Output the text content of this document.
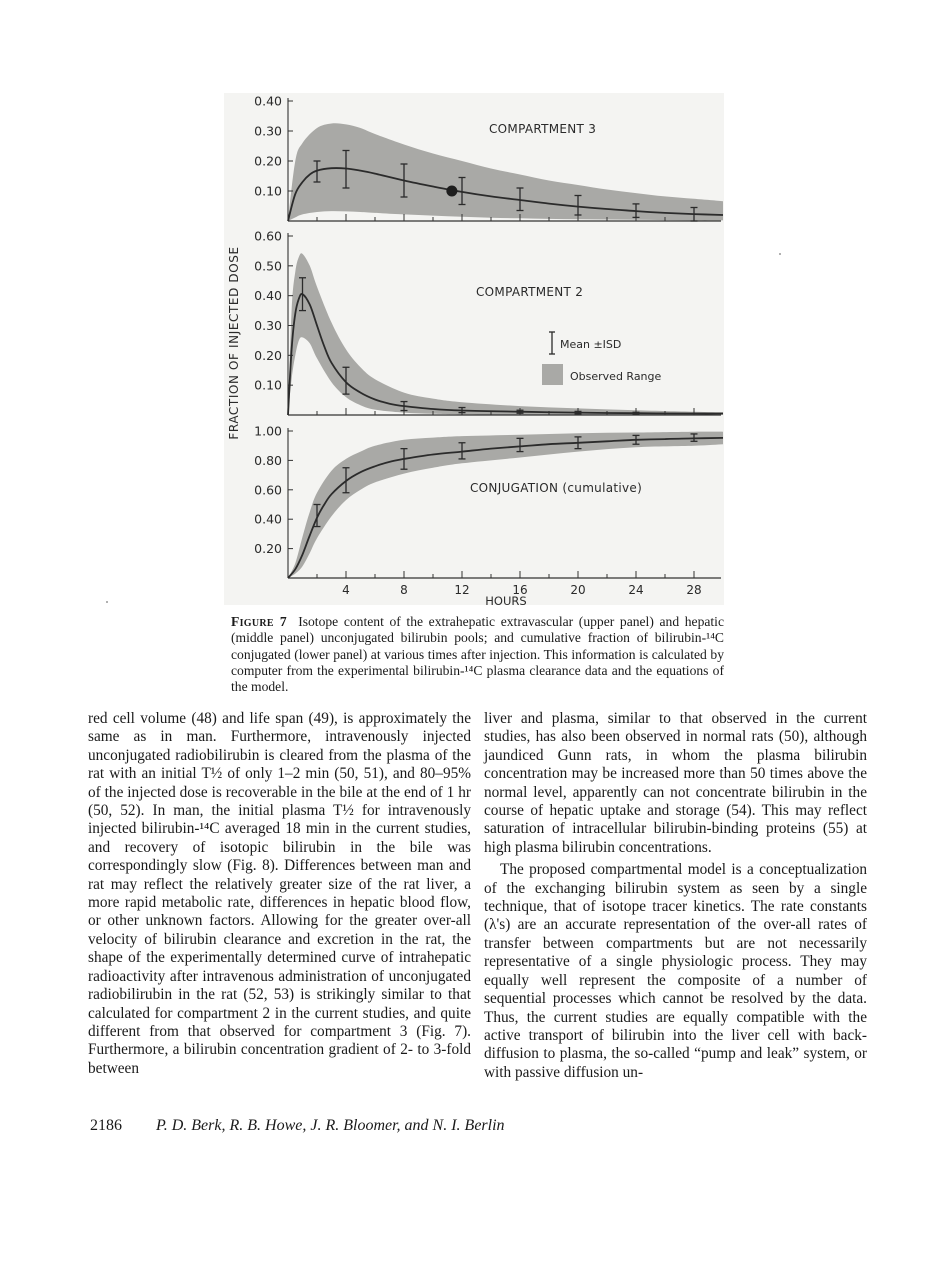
0.40
0.30
0.20
0.10
COMPARTMENT 3
0.60
0.50
0.40
0.30
0.20
0.10
COMPARTMENT 2
1.00
0.80
0.60
0.40
0.20
4	8	12	16	20	24	28
CONJUGATION (cumulative)
FRACTION OF INJECTED DOSE
HOURS
Mean ±ISD
Observed Range
Figure 7 Isotope content of the extrahepatic extravascular (upper panel) and hepatic (middle panel) unconjugated bilirubin pools; and cumulative fraction of bilirubin-¹⁴C conjugated (lower panel) at various times after injection. This information is calculated by computer from the experimental bilirubin-¹⁴C plasma clearance data and the equations of the model.

red cell volume (48) and life span (49), is approximately the same as in man. Furthermore, intravenously injected unconjugated radiobilirubin is cleared from the plasma of the rat with an initial T½ of only 1–2 min (50, 51), and 80–95% of the injected dose is recoverable in the bile at the end of 1 hr (50, 52). In man, the initial plasma T½ for intravenously injected bilirubin-¹⁴C averaged 18 min in the current studies, and recovery of isotopic bilirubin in the bile was correspondingly slow (Fig. 8). Differences between man and rat may reflect the relatively greater size of the rat liver, a more rapid metabolic rate, differences in hepatic blood flow, or other unknown factors. Allowing for the greater over-all velocity of bilirubin clearance and excretion in the rat, the shape of the experimentally determined curve of intrahepatic radioactivity after intravenous administration of unconjugated radiobilirubin in the rat (52, 53) is strikingly similar to that calculated for compartment 2 in the current studies, and quite different from that observed for compartment 3 (Fig. 7). Furthermore, a bilirubin concentration gradient of 2- to 3-fold between

liver and plasma, similar to that observed in the current studies, has also been observed in normal rats (50), although jaundiced Gunn rats, in whom the plasma bilirubin concentration may be increased more than 50 times above the normal level, apparently can not concentrate bilirubin in the course of hepatic uptake and storage (54). This may reflect saturation of intracellular bilirubin-binding proteins (55) at high plasma bilirubin concentrations.

The proposed compartmental model is a conceptualization of the exchanging bilirubin system as seen by a single technique, that of isotope tracer kinetics. The rate constants (λ's) are an accurate representation of the over-all rates of transfer between compartments but are not necessarily representative of a single physiologic process. They may equally well represent the composite of a number of sequential processes which cannot be resolved by the data. Thus, the current studies are equally compatible with the active transport of bilirubin into the liver cell with back-diffusion to plasma, the so-called “pump and leak” system, or with passive diffusion un-

2186 P. D. Berk, R. B. Howe, J. R. Bloomer, and N. I. Berlin
